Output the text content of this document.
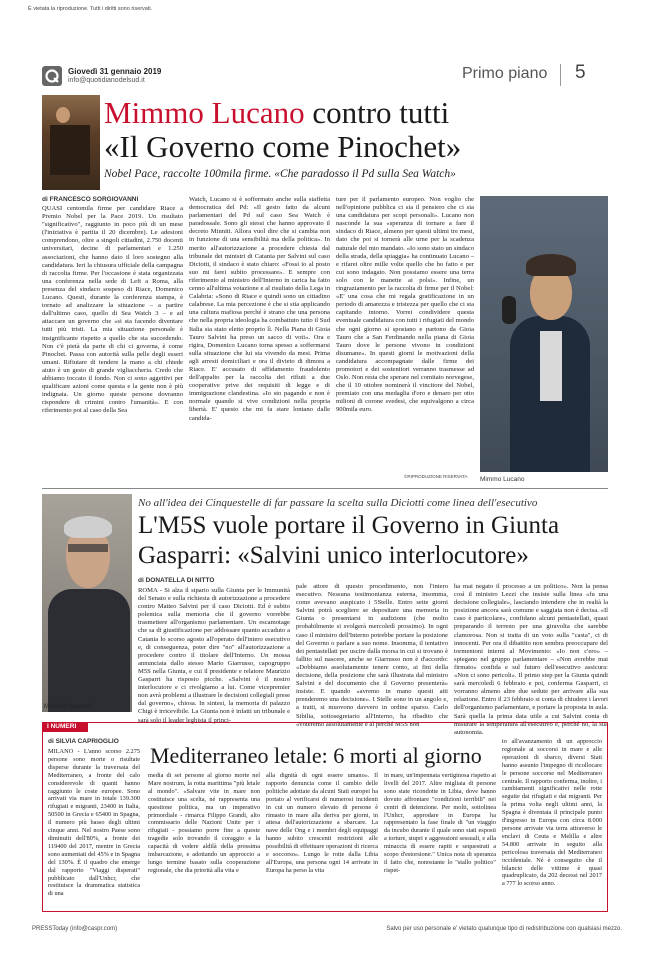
È vietata la riproduzione. Tutti i diritti sono riservati.
Giovedì 31 gennaio 2019
info@quotidianodelsud.it	Primo piano 5
Mimmo Lucano contro tutti
«Il Governo come Pinochet»
Nobel Pace, raccolte 100mila firme. «Che paradosso il Pd sulla Sea Watch»
di FRANCESCO SORGIOVANNI
QUASI centomila firme per candidare Riace a Premio Nobel per la Pace 2019. Un risultato "significativo", raggiunto in poco più di un mese (l'iniziativa è partita il 20 dicembre). Le adesioni comprendono, oltre a singoli cittadini, 2.750 docenti universitari, decine di parlamentari e 1.250 associazioni, che hanno dato il loro sostegno alla candidatura. Ieri la chiusura ufficiale della campagna di raccolta firme. Per l'occasione è stata organizzata una conferenza nella sede di Left a Roma, alla presenza del sindaco sospeso di Riace, Domenico Lucano. Questi, durante la conferenza stampa, è tornato ad analizzare la situazione – a partire dall'ultimo caso, quello di Sea Watch 3 – e ad attaccare un governo che «si sta facendo diventare tutti più tristi. La mia situazione personale è insignificante rispetto a quello che sta succedendo. Non c'è pietà da parte di chi ci governa, è come Pinochet. Passa con autorità sulla pelle degli esseri umani. Rifiutare di tendere la mano a chi chiede aiuto è un gesto di grande vigliaccheria. Credo che abbiamo toccato il fondo. Non ci sono aggettivi per qualificare azioni come questa e la gente non è più indignata. Un giorno queste persone dovranno rispondere di crimini contro l'umanità». E con riferimento poi al caso della Sea
Watch, Lucano si è soffermato anche sulla staffetta democratica del Pd: «Il gesto fatto da alcuni parlamentari del Pd sul caso Sea Watch è paradossale. Sono gli stessi che hanno approvato il decreto Minniti. Allora vuol dire che si cambia non in funzione di una sensibilità ma della politica». In merito all'autorizzazione a procedere chiesta dal tribunale dei ministri di Catania per Salvini sul caso Diciotti, il sindaco è stato chiaro: «Fossi io al posto suo mi farei subito processare». E sempre con riferimento al ministro dell'Interno in carica ha fatto cenno all'ultima votazione e al risultato della Lega in Calabria: «Sono di Riace e quindi sono un cittadino calabrese. La mia percezione è che si stia applicando una cultura mafiosa perché è strano che una persona che nella propria ideologia ha combattuto tutto il Sud Italia sia stato eletto proprio lì. Nella Piana di Gioia Tauro Salvini ha preso un sacco di voti». Ora e rigira, Domenico Lucano torna spesso a soffermarsi sulla situazione che lui sta vivendo da mesi. Prima agli arresti domiciliari e ora il divieto di dimora a Riace. E' accusato di affidamento fraudolento dell'appalto per la raccolta dei rifiuti a due cooperative prive dei requisiti di legge e di immigrazione clandestina. «Io sto pagando e non è normale quando si vive condizioni nella propria libertà. E' questo che mi fa stare lontano dalle candida-
ture per il parlamento europeo. Non voglio che nell'opinione pubblica ci sia il pensiero che ci sia una candidatura per scopi personali». Lucano non nasconde la sua «speranza di tornare a fare il sindaco di Riace, almeno per questi ultimi tre mesi, dato che poi si tornerà alle urne per la scadenza naturale del mio mandato. «Io sono stato un sindaco della strada, della spiaggia» ha continuato Lucano – e rifarei oltre mille volte quello che ho fatto e per cui sono indagato. Non possiamo essere una terra solo con le manette ai polsi». Infine, un ringraziamento per la raccolta di firme per il Nobel: «E' una cosa che mi regala gratificazione in un periodo di amarezza e tristezza per quello che ci sta capitando intorno. Vorrei condividere questa eventuale candidatura con tutti i rifugiati del mondo che ogni giorno si spostano e partono da Gioia Tauro che a San Ferdinando nella piana di Gioia Tauro dove le persone vivono in condizioni disumane». In questi giorni le motivazioni della candidatura accompagnate dalle firme dei promotori e dei sostenitori verranno trasmesse ad Oslo. Non resta che sperare nel comitato norvegese, che il 10 ottobre nominerà il vincitore del Nobel, premiato con una medaglia d'oro e denaro per otto milioni di corone svedesi, che equivalgono a circa 900mila euro.
©RIPRODUZIONE RISERVATA Mimmo Lucano
Maurizio Gasparri
No all'idea dei Cinquestelle di far passare la scelta sulla Diciotti come linea dell'esecutivo
L'M5S vuole portare il Governo in Giunta
Gasparri: «Salvini unico interlocutore»
di DONATELLA DI NITTO
ROMA - Si alza il sipario sulla Giunta per le Immunità del Senato e sulla richiesta di autorizzazione a procedere contro Matteo Salvini per il caso Diciotti. Ed è subito polemica sulla memoria che il governo vorrebbe trasmettere all'organismo parlamentare. Un escamotage che sa di giustificazione per addossare quanto accaduto a Catania lo scorso agosto all'operato dell'intero esecutivo e, di conseguenza, poter dire "no" all'autorizzazione a procedere contro il titolare dell'Interno. Un mossa annunciata dallo stesso Mario Giarrusso, capogruppo M5S nella Giunta, e cui il presidente e relatore Maurizio Gasparri ha risposto picche. «Salvini è il nostro interlocutore e ci rivolgiamo a lui. Come vicepremier non avrà problemi a illustrare le decisioni collegiali prese dal governo», chiosa. In sintesi, la memoria di palazzo Chigi è irricevibile. La Giunta non è infatti un tribunale e sarà solo il leader leghista il princi-
pale attore di questo procedimento, non l'intero esecutivo. Nessuna testimonianza esterna, insomma, come avevano auspicato i 5Stelle. Entro sette giorni Salvini potrà scegliere se depositare una memoria in Giunta o presentarsi in audizione (che molto probabilmente si svolgerà mercoledì prossimo). In ogni caso il ministro dell'Interno potrebbe portare la posizione del Governo o parlare a suo nome. Insomma, il tentativo dei pentastellati per uscire dalla morsa in cui si trovano è fallito sul nascere, anche se Giarrusso non è d'accordo: «Dobbiamo assolutamente tenere conto, ai fini della decisione, della posizione che sarà illustrata dal ministro Salvini e del documento che il Governo presenterà» insiste. E quando «avremo in mano questi atti prenderemo una decisione». I Stelle sono in un angolo e, a tratti, si muovono davvero in ordine sparso. Carlo Sibilia, sottosegretario all'Interno, ha ribadito che «voteremo assolutamente e al perché M5S non
ha mai negato il processo a un politico». Non la pensa così il ministro Lezzi che insiste sulla linea «fu una decisione collegiale», lasciando intendere che in realtà la posizione ancora sarà comune e saggiata non è decisa. «Il caso è particolare», confidano alcuni pentastellati, quasi preparando il terreno per una giravolta che sarebbe clamorosa. Non si tratta di un voto sulla "casta", ci di innocenti. Per ora il dibattito non sembra preoccupare del tormentoni interni al Movimento: «Io non c'ero» – spiegano nel gruppo parlamentare – «Non avrebbe mai firmato» confida e sul futuro dell'esecutivo assicura: «Non ci sono pericoli». Il primo step per la Giunta quindi sarà mercoledì 6 febbraio e poi, conferma Gasparri, ci vorranno almeno altre due sedute per arrivare alla sua relazione. Entro il 23 febbraio si conta di chiudere i lavori dell'organismo parlamentare, e portare la proposta in aula. Sarà quella la prima data utile a cui Salvini conta di misurare la temperatura all'esecutivo e, perché no, la sua autonomia.
I NUMERI
di SILVIA CAPRIOGLIO
Mediterraneo letale: 6 morti al giorno
MILANO - L'anno scorso 2.275 persone sono morte o risultate disperse durante la traversata del Mediterraneo, a fronte del calo considerevole di quanti hanno raggiunto le coste europee. Sono arrivati via mare in totale 139.300 rifugiati e migranti, 23400 in Italia, 50500 in Grecia e 65400 in Spagna, il numero più basso degli ultimi cinque anni. Nel nostro Paese sono diminuiti dell'80%, a fronte dei 119400 del 2017, mentre in Grecia sono aumentati del 45% e in Spagna del 130%. È il quadro che emerge dal rapporto "Viaggi disperati" pubblicato dall'Unhcr, che restituisce la drammatica statistica di una
media di sei persone al giorno morte nel Mare nostrum, la rotta marittima "più letale al mondo". «Salvare vite in mare non costituisce una scelta, né rappresenta una questione politica, ma un imperativo primordiale - rimarca Filippo Grandi, alto commissario delle Nazioni Unite per i rifugiati - possiamo porre fine a queste tragedie solo trovando il coraggio e la capacità di vedere aldilà della prossima imbarcazione, e adottando un approccio a lungo termine basato sulla cooperazione regionale, che dia priorità alla vita e
alla dignità di ogni essere umano». Il rapporto denuncia come il cambio delle politiche adottate da alcuni Stati europei ha portato al verificarsi di numerosi incidenti in cui un numero elevato di persone è rimasto in mare alla deriva per giorni, in attesa dell'autorizzazione a sbarcare. La nave delle Ong e i membri degli equipaggi hanno subito crescenti restrizioni alle possibilità di effettuare operazioni di ricerca e soccorso». Lungo le rotte dalla Libia all'Europa, una persona ogni 14 arrivate in Europa ha perso la vita
in mare, un'impennata vertiginosa rispetto ai livelli del 2017. Altre migliaia di persone sono state ricondotte in Libia, dove hanno dovuto affrontare "condizioni terribili" nei centri di detenzione. Per molti, sottolinea l'Unhcr, approdare in Europa ha rappresentato la fase finale di "un viaggio da incubo durante il quale sono stati esposti a torture, stupri e aggressioni sessuali, e alla minaccia di essere rapiti e sequestrati a scopo d'estorsione." Unica nota di speranza il fatto che, nonostante lo "stallo politico" rispet-
to all'avanzamento di un approccio regionale ai soccorsi in mare e alle operazioni di sbarco, diversi Stati hanno assunto l'impegno di ricollocare le persone soccorse nel Mediterraneo centrale. Il rapporto conferma, inoltre, i cambiamenti significativi nelle rotte seguite dai rifugiati e dai migranti. Per la prima volta negli ultimi anni, la Spagna è diventata il principale punto d'ingresso in Europa con circa 8.000 persone arrivate via terra attraverso le enclavi di Ceuta e Melilla e altre 54.800 arrivate in seguito alla pericolosa traversata del Mediterraneo occidentale. Né è conseguito che il bilancio delle vittime è quasi quadruplicato, da 202 decessi nel 2017 a 777 lo scorso anno.
PRESSToday (info@caspr.com)	Salvo per uso personale e' vietato qualunque tipo di redistribuzione con qualsiasi mezzo.
